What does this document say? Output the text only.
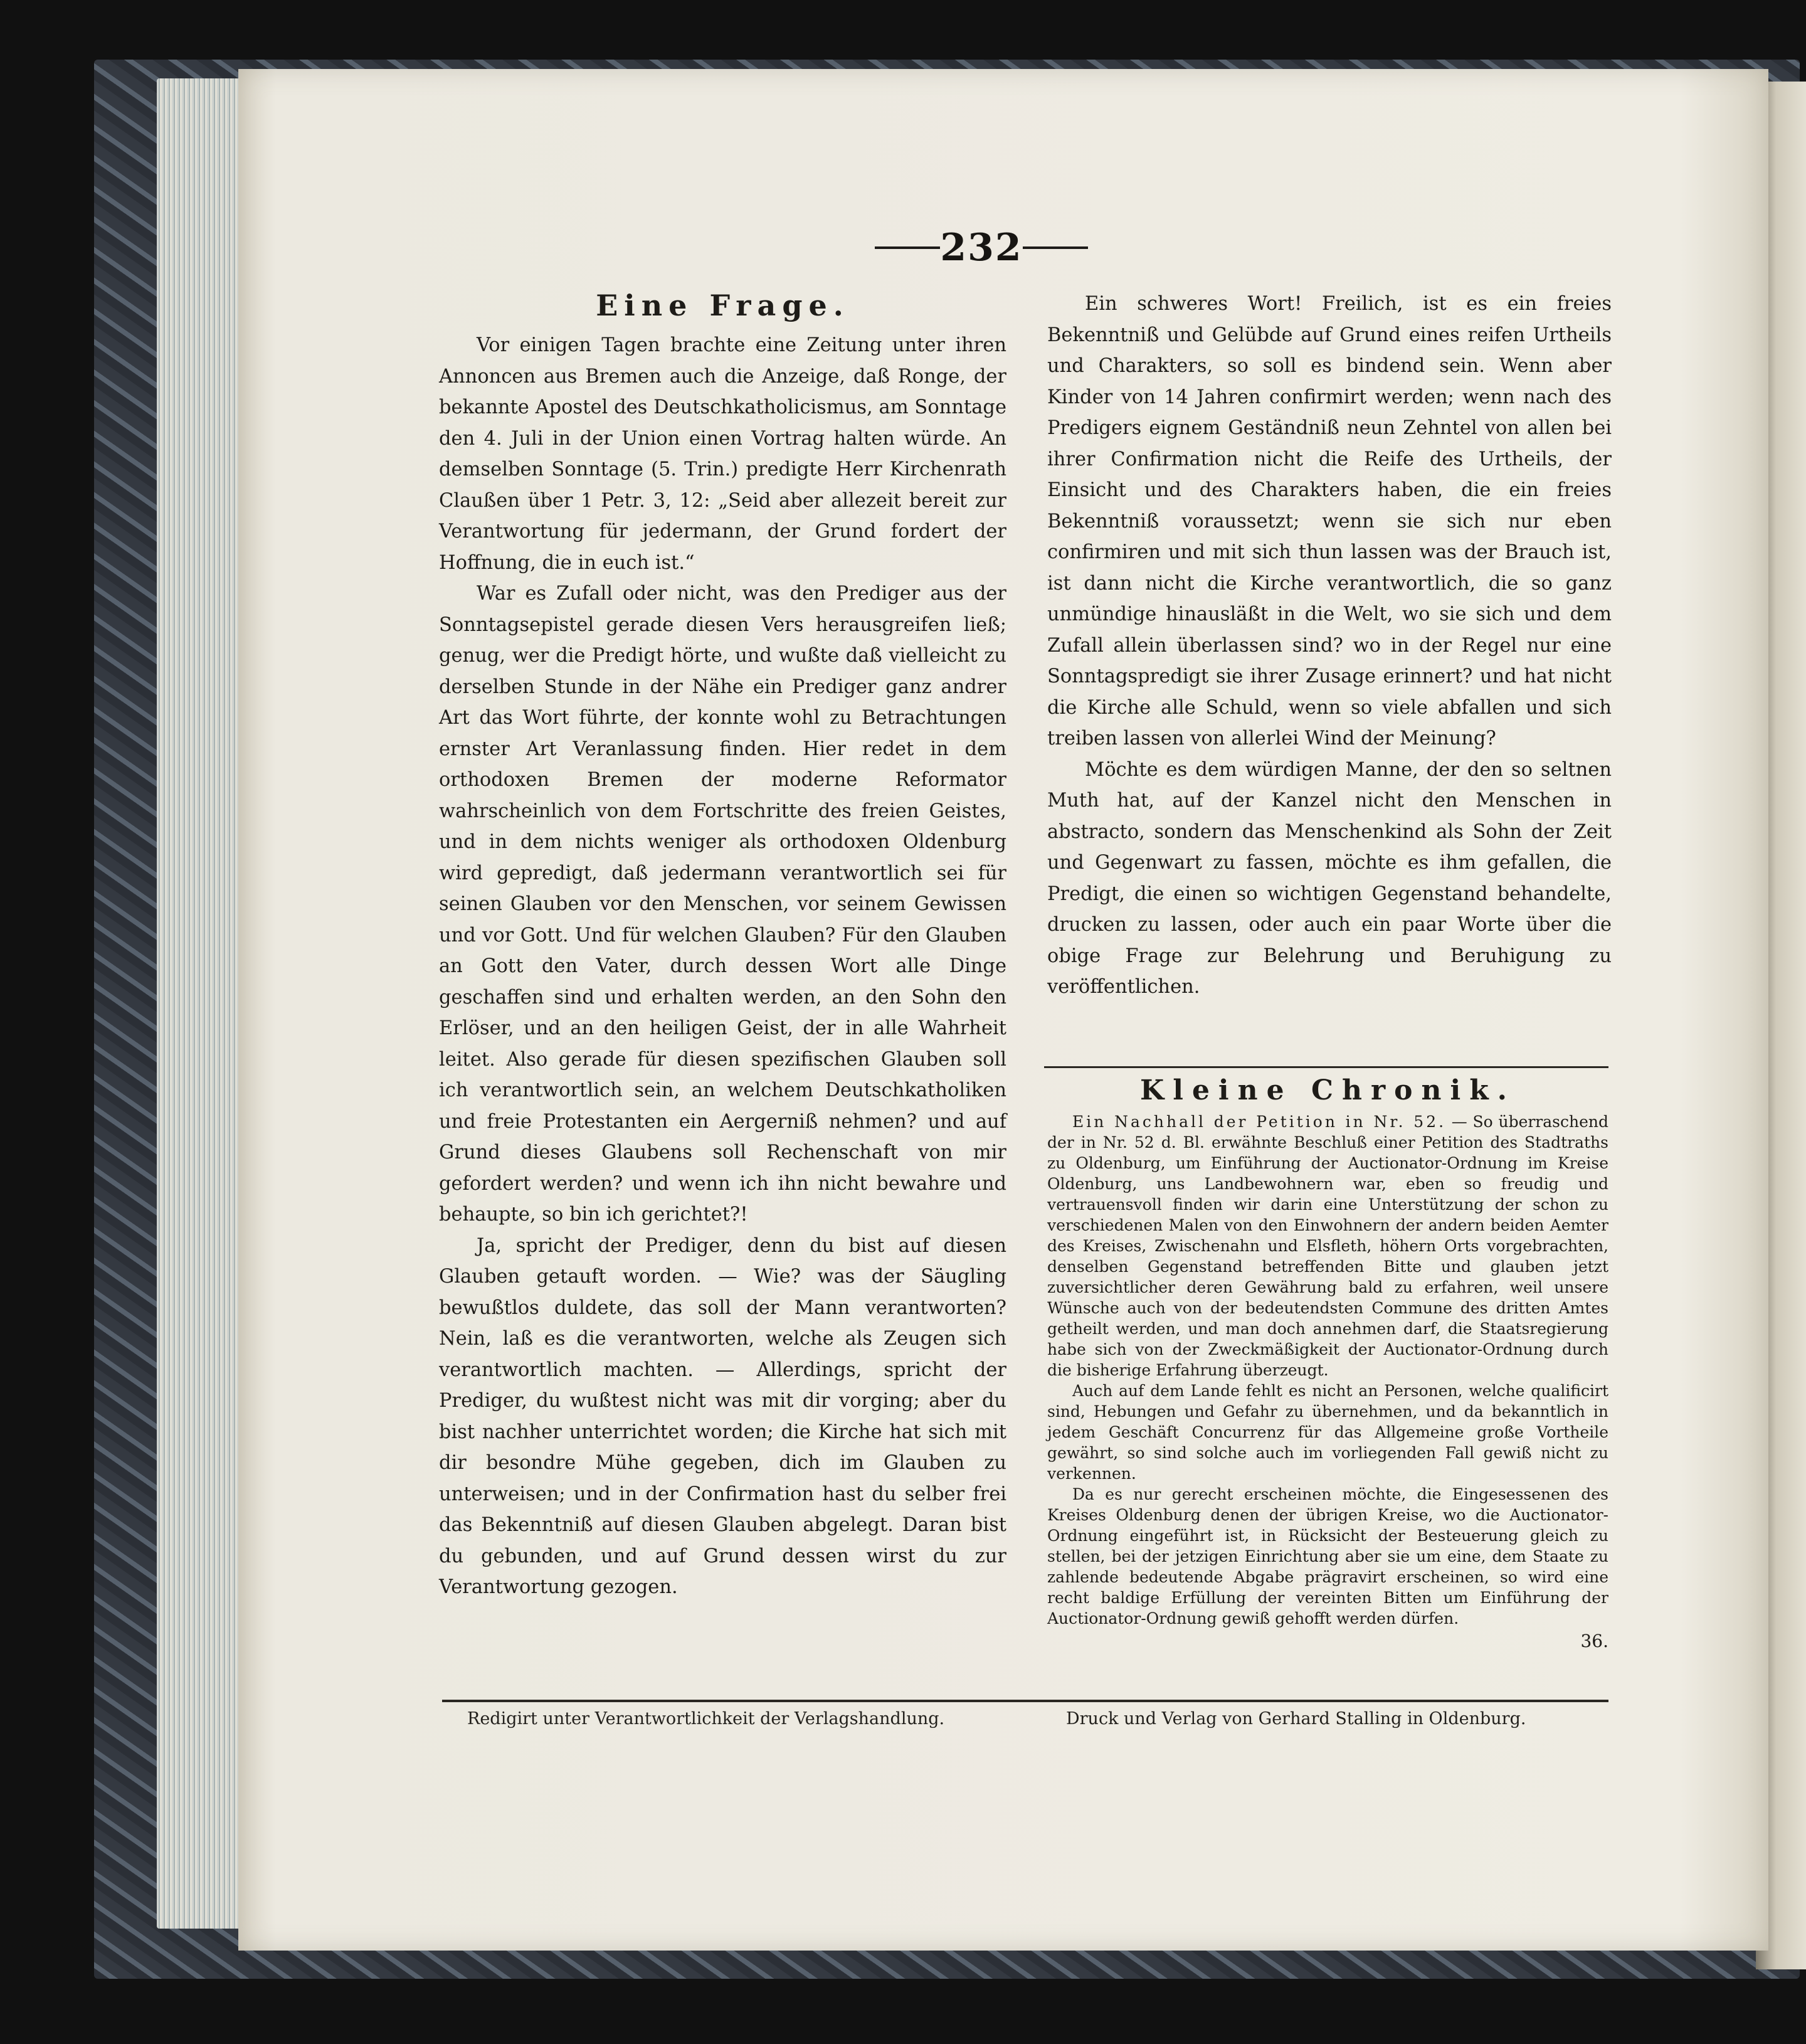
232
Eine Frage.

Vor einigen Tagen brachte eine Zeitung unter ihren Annoncen aus Bremen auch die Anzeige, daß Ronge, der bekannte Apostel des Deutschkatholicismus, am Sonntage den 4. Juli in der Union einen Vortrag halten würde. An demselben Sonntage (5. Trin.) predigte Herr Kirchenrath Claußen über 1 Petr. 3, 12: „Seid aber allezeit bereit zur Verantwortung für jedermann, der Grund fordert der Hoffnung, die in euch ist.“

War es Zufall oder nicht, was den Prediger aus der Sonntagsepistel gerade diesen Vers herausgreifen ließ; genug, wer die Predigt hörte, und wußte daß vielleicht zu derselben Stunde in der Nähe ein Prediger ganz andrer Art das Wort führte, der konnte wohl zu Betrachtungen ernster Art Veranlassung finden. Hier redet in dem orthodoxen Bremen der moderne Reformator wahrscheinlich von dem Fortschritte des freien Geistes, und in dem nichts weniger als orthodoxen Oldenburg wird gepredigt, daß jedermann verantwortlich sei für seinen Glauben vor den Menschen, vor seinem Gewissen und vor Gott. Und für welchen Glauben? Für den Glauben an Gott den Vater, durch dessen Wort alle Dinge geschaffen sind und erhalten werden, an den Sohn den Erlöser, und an den heiligen Geist, der in alle Wahrheit leitet. Also gerade für diesen spezifischen Glauben soll ich verantwortlich sein, an welchem Deutschkatholiken und freie Protestanten ein Aergerniß nehmen? und auf Grund dieses Glaubens soll Rechenschaft von mir gefordert werden? und wenn ich ihn nicht bewahre und behaupte, so bin ich gerichtet?!

Ja, spricht der Prediger, denn du bist auf diesen Glauben getauft worden. — Wie? was der Säugling bewußtlos duldete, das soll der Mann verantworten? Nein, laß es die verantworten, welche als Zeugen sich verantwortlich machten. — Allerdings, spricht der Prediger, du wußtest nicht was mit dir vorging; aber du bist nachher unterrichtet worden; die Kirche hat sich mit dir besondre Mühe gegeben, dich im Glauben zu unterweisen; und in der Confirmation hast du selber frei das Bekenntniß auf diesen Glauben abgelegt. Daran bist du gebunden, und auf Grund dessen wirst du zur Verantwortung gezogen.

Ein schweres Wort! Freilich, ist es ein freies Bekenntniß und Gelübde auf Grund eines reifen Urtheils und Charakters, so soll es bindend sein. Wenn aber Kinder von 14 Jahren confirmirt werden; wenn nach des Predigers eignem Geständniß neun Zehntel von allen bei ihrer Confirmation nicht die Reife des Urtheils, der Einsicht und des Charakters haben, die ein freies Bekenntniß voraussetzt; wenn sie sich nur eben confirmiren und mit sich thun lassen was der Brauch ist, ist dann nicht die Kirche verantwortlich, die so ganz unmündige hinausläßt in die Welt, wo sie sich und dem Zufall allein überlassen sind? wo in der Regel nur eine Sonntagspredigt sie ihrer Zusage erinnert? und hat nicht die Kirche alle Schuld, wenn so viele abfallen und sich treiben lassen von allerlei Wind der Meinung?

Möchte es dem würdigen Manne, der den so seltnen Muth hat, auf der Kanzel nicht den Menschen in abstracto, sondern das Menschenkind als Sohn der Zeit und Gegenwart zu fassen, möchte es ihm gefallen, die Predigt, die einen so wichtigen Gegenstand behandelte, drucken zu lassen, oder auch ein paar Worte über die obige Frage zur Belehrung und Beruhigung zu veröffentlichen.

Kleine Chronik.

Ein Nachhall der Petition in Nr. 52. — So überraschend der in Nr. 52 d. Bl. erwähnte Beschluß einer Petition des Stadtraths zu Oldenburg, um Einführung der Auctionator-Ordnung im Kreise Oldenburg, uns Landbewohnern war, eben so freudig und vertrauensvoll finden wir darin eine Unterstützung der schon zu verschiedenen Malen von den Einwohnern der andern beiden Aemter des Kreises, Zwischenahn und Elsfleth, höhern Orts vorgebrachten, denselben Gegenstand betreffenden Bitte und glauben jetzt zuversichtlicher deren Gewährung bald zu erfahren, weil unsere Wünsche auch von der bedeutendsten Commune des dritten Amtes getheilt werden, und man doch annehmen darf, die Staatsregierung habe sich von der Zweckmäßigkeit der Auctionator-Ordnung durch die bisherige Erfahrung überzeugt.

Auch auf dem Lande fehlt es nicht an Personen, welche qualificirt sind, Hebungen und Gefahr zu übernehmen, und da bekanntlich in jedem Geschäft Concurrenz für das Allgemeine große Vortheile gewährt, so sind solche auch im vorliegenden Fall gewiß nicht zu verkennen.

Da es nur gerecht erscheinen möchte, die Eingesessenen des Kreises Oldenburg denen der übrigen Kreise, wo die Auctionator-Ordnung eingeführt ist, in Rücksicht der Besteuerung gleich zu stellen, bei der jetzigen Einrichtung aber sie um eine, dem Staate zu zahlende bedeutende Abgabe prägravirt erscheinen, so wird eine recht baldige Erfüllung der vereinten Bitten um Einführung der Auctionator-Ordnung gewiß gehofft werden dürfen.

36.
Redigirt unter Verantwortlichkeit der Verlagshandlung.	Druck und Verlag von Gerhard Stalling in Oldenburg.
